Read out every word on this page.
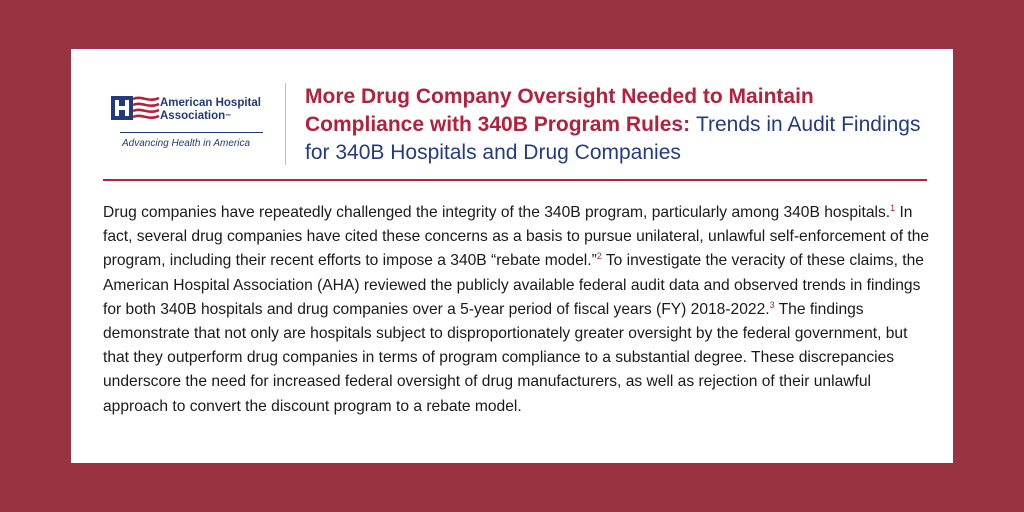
American Hospital
Association™
Advancing Health in America
More Drug Company Oversight Needed to Maintain Compliance with 340B Program Rules: Trends in Audit Findings for 340B Hospitals and Drug Companies

Drug companies have repeatedly challenged the integrity of the 340B program, particularly among 340B hospitals.$^1$ In fact, several drug companies have cited these concerns as a basis to pursue unilateral, unlawful self-enforcement of the program, including their recent efforts to impose a 340B “rebate model.”$^2$ To investigate the veracity of these claims, the American Hospital Association (AHA) reviewed the publicly available federal audit data and observed trends in findings for both 340B hospitals and drug companies over a 5-year period of fiscal years (FY) 2018-2022.$^3$ The findings demonstrate that not only are hospitals subject to disproportionately greater oversight by the federal government, but that they outperform drug companies in terms of program compliance to a substantial degree. These discrepancies underscore the need for increased federal oversight of drug manufacturers, as well as rejection of their unlawful approach to convert the discount program to a rebate model.
